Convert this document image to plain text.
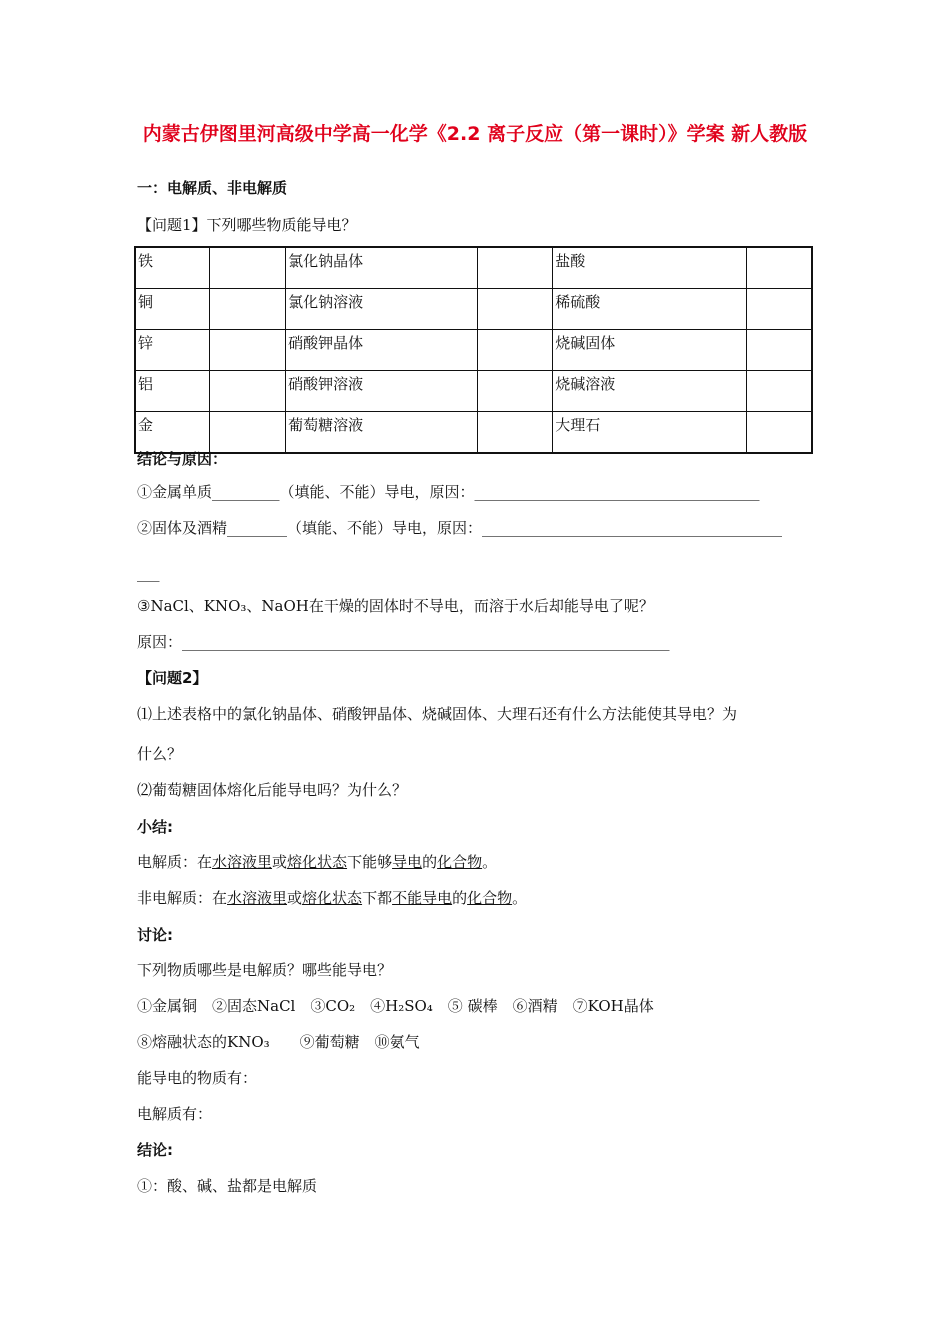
内蒙古伊图里河高级中学高一化学《2.2 离子反应（第一课时）》学案 新人教版
一：电解质、非电解质
【问题1】下列哪些物质能导电？
铁		氯化钠晶体		盐酸	
铜		氯化钠溶液		稀硫酸	
锌		硝酸钾晶体		烧碱固体	
铝		硝酸钾溶液		烧碱溶液	
金		葡萄糖溶液		大理石	
结论与原因：
①金属单质_________（填能、不能）导电，原因：______________________________________
②固体及酒精________（填能、不能）导电，原因：________________________________________
___
③NaCl、KNO₃、NaOH在干燥的固体时不导电，而溶于水后却能导电了呢？
原因：_________________________________________________________________
【问题2】
⑴上述表格中的氯化钠晶体、硝酸钾晶体、烧碱固体、大理石还有什么方法能使其导电？为
什么？
⑵葡萄糖固体熔化后能导电吗？为什么？
小结:
电解质：在水溶液里或熔化状态下能够导电的化合物。
非电解质：在水溶液里或熔化状态下都不能导电的化合物。
讨论:
下列物质哪些是电解质？哪些能导电？
①金属铜　②固态NaCl　③CO₂　④H₂SO₄　⑤ 碳棒　⑥酒精　⑦KOH晶体
⑧熔融状态的KNO₃　　⑨葡萄糖　⑩氨气
能导电的物质有：
电解质有：
结论:
①：酸、碱、盐都是电解质
